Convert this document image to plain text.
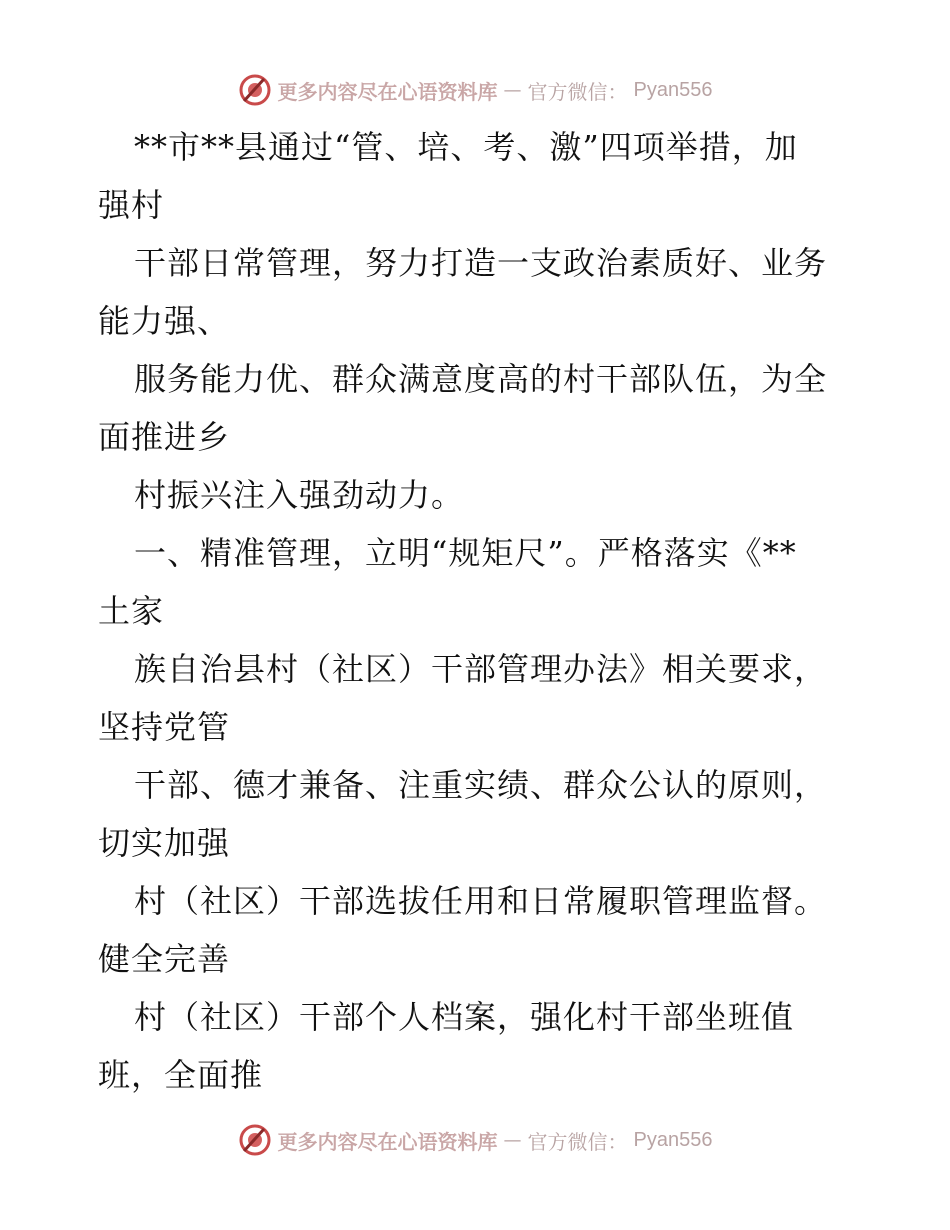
更多内容尽在心语资料库 — 官方微信： Pyan556
**市**县通过“管、培、考、激”四项举措，加
强村
干部日常管理，努力打造一支政治素质好、业务
能力强、
服务能力优、群众满意度高的村干部队伍，为全
面推进乡
村振兴注入强劲动力。
一、精准管理，立明“规矩尺”。严格落实《**
土家
族自治县村（社区）干部管理办法》相关要求，
坚持党管
干部、德才兼备、注重实绩、群众公认的原则，
切实加强
村（社区）干部选拔任用和日常履职管理监督。
健全完善
村（社区）干部个人档案，强化村干部坐班值
班，全面推
更多内容尽在心语资料库 — 官方微信： Pyan556
